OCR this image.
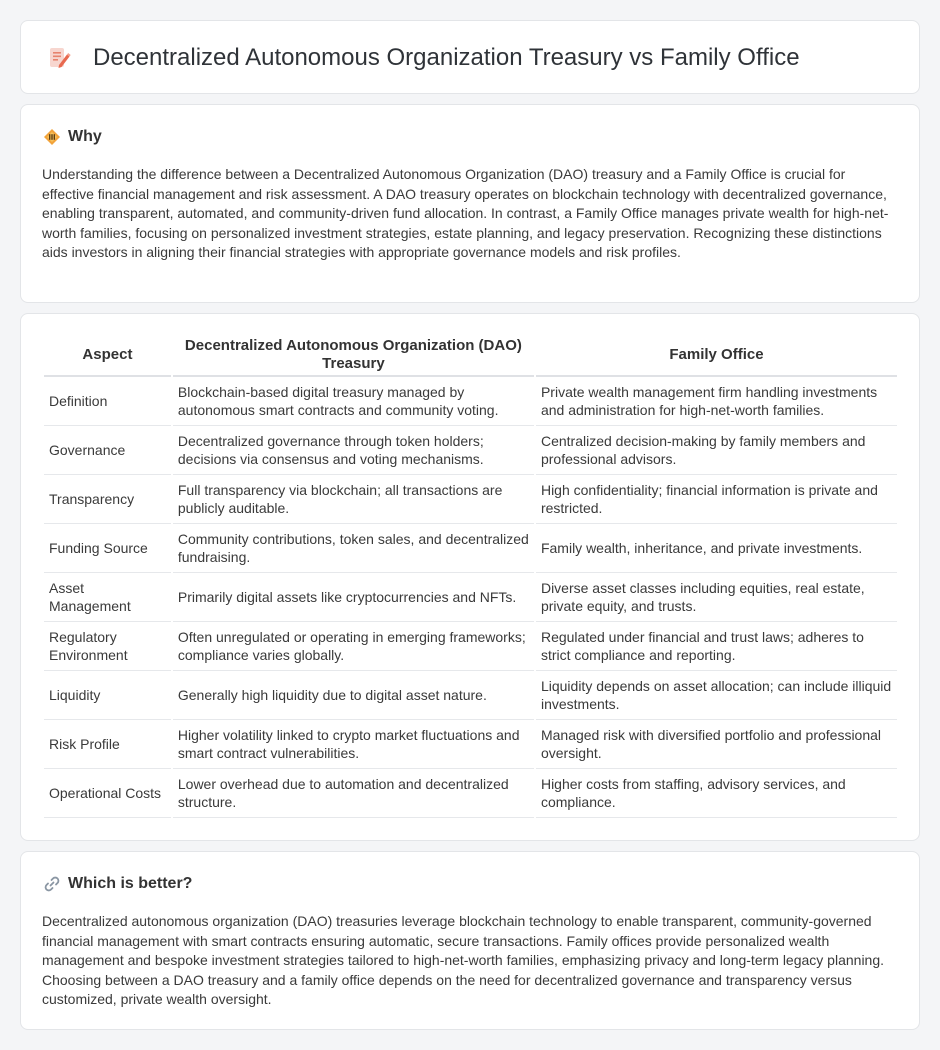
Decentralized Autonomous Organization Treasury vs Family Office
Why

Understanding the difference between a Decentralized Autonomous Organization (DAO) treasury and a Family Office is crucial for effective financial management and risk assessment. A DAO treasury operates on blockchain technology with decentralized governance, enabling transparent, automated, and community-driven fund allocation. In contrast, a Family Office manages private wealth for high-net-worth families, focusing on personalized investment strategies, estate planning, and legacy preservation. Recognizing these distinctions aids investors in aligning their financial strategies with appropriate governance models and risk profiles.

Aspect	Decentralized Autonomous Organization (DAO) Treasury	Family Office
Definition	Blockchain-based digital treasury managed by autonomous smart contracts and community voting.	Private wealth management firm handling investments and administration for high-net-worth families.
Governance	Decentralized governance through token holders; decisions via consensus and voting mechanisms.	Centralized decision-making by family members and professional advisors.
Transparency	Full transparency via blockchain; all transactions are publicly auditable.	High confidentiality; financial information is private and restricted.
Funding Source	Community contributions, token sales, and decentralized fundraising.	Family wealth, inheritance, and private investments.
Asset Management	Primarily digital assets like cryptocurrencies and NFTs.	Diverse asset classes including equities, real estate, private equity, and trusts.
Regulatory Environment	Often unregulated or operating in emerging frameworks; compliance varies globally.	Regulated under financial and trust laws; adheres to strict compliance and reporting.
Liquidity	Generally high liquidity due to digital asset nature.	Liquidity depends on asset allocation; can include illiquid investments.
Risk Profile	Higher volatility linked to crypto market fluctuations and smart contract vulnerabilities.	Managed risk with diversified portfolio and professional oversight.
Operational Costs	Lower overhead due to automation and decentralized structure.	Higher costs from staffing, advisory services, and compliance.
Which is better?

Decentralized autonomous organization (DAO) treasuries leverage blockchain technology to enable transparent, community-governed financial management with smart contracts ensuring automatic, secure transactions. Family offices provide personalized wealth management and bespoke investment strategies tailored to high-net-worth families, emphasizing privacy and long-term legacy planning. Choosing between a DAO treasury and a family office depends on the need for decentralized governance and transparency versus customized, private wealth oversight.
